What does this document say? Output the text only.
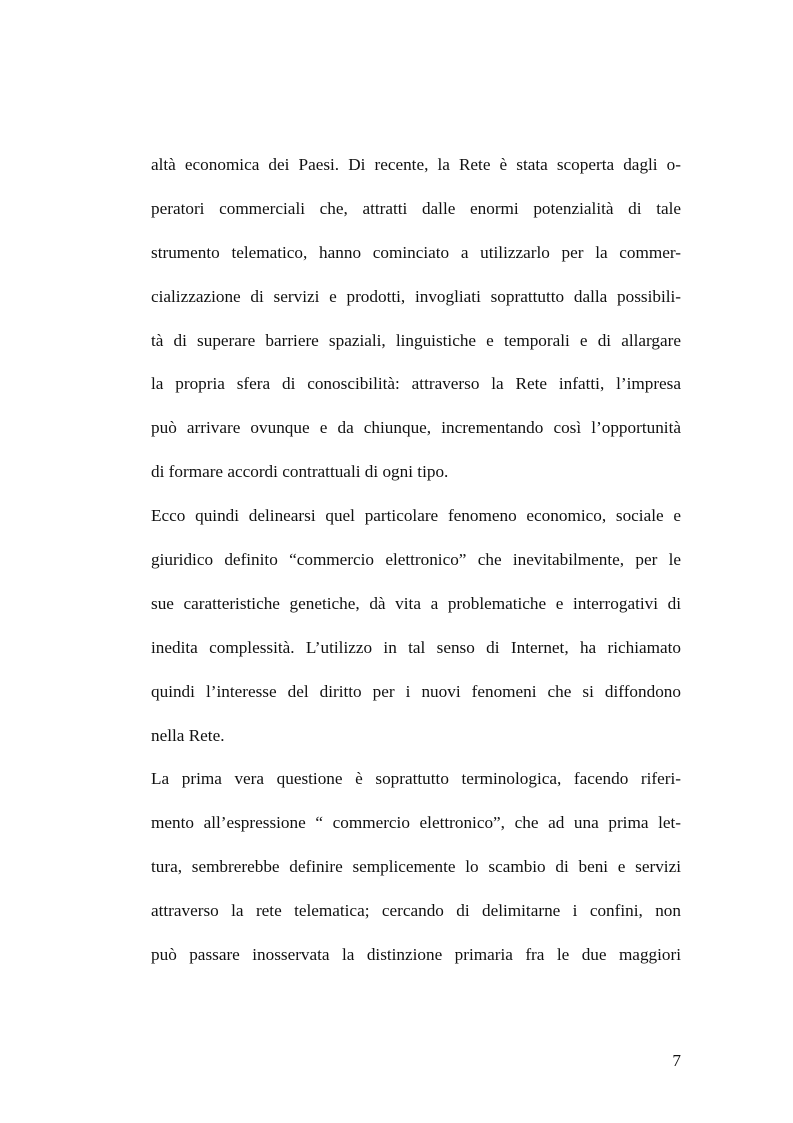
altà economica dei Paesi. Di recente, la Rete è stata scoperta dagli o-
peratori commerciali che, attratti dalle enormi potenzialità di tale
strumento telematico, hanno cominciato a utilizzarlo per la commer-
cializzazione di servizi e prodotti, invogliati soprattutto dalla possibili-
tà di superare barriere spaziali, linguistiche e temporali e di allargare
la propria sfera di conoscibilità: attraverso la Rete infatti, l’impresa
può arrivare ovunque e da chiunque, incrementando così l’opportunità
di formare accordi contrattuali di ogni tipo.
Ecco quindi delinearsi quel particolare fenomeno economico, sociale e
giuridico definito “commercio elettronico” che inevitabilmente, per le
sue caratteristiche genetiche, dà vita a problematiche e interrogativi di
inedita complessità. L’utilizzo in tal senso di Internet, ha richiamato
quindi l’interesse del diritto per i nuovi fenomeni che si diffondono
nella Rete.
La prima vera questione è soprattutto terminologica, facendo riferi-
mento all’espressione “ commercio elettronico”, che ad una prima let-
tura, sembrerebbe definire semplicemente lo scambio di beni e servizi
attraverso la rete telematica; cercando di delimitarne i confini, non
può passare inosservata la distinzione primaria fra le due maggiori
7
